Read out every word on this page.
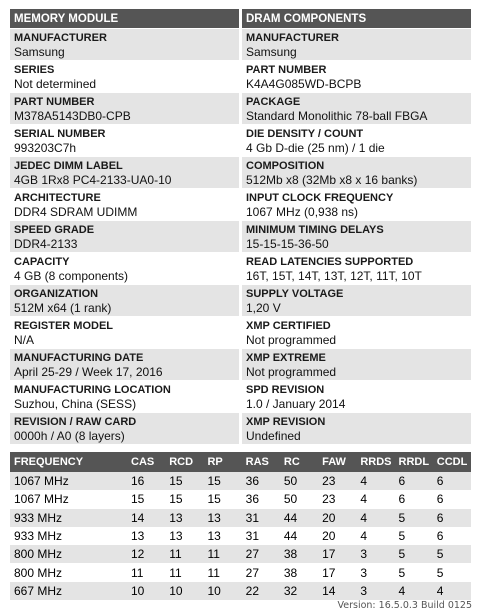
MEMORY MODULE
MANUFACTURER
Samsung
SERIES
Not determined
PART NUMBER
M378A5143DB0-CPB
SERIAL NUMBER
993203C7h
JEDEC DIMM LABEL
4GB 1Rx8 PC4-2133-UA0-10
ARCHITECTURE
DDR4 SDRAM UDIMM
SPEED GRADE
DDR4-2133
CAPACITY
4 GB (8 components)
ORGANIZATION
512M x64 (1 rank)
REGISTER MODEL
N/A
MANUFACTURING DATE
April 25-29 / Week 17, 2016
MANUFACTURING LOCATION
Suzhou, China (SESS)
REVISION / RAW CARD
0000h / A0 (8 layers)
DRAM COMPONENTS
MANUFACTURER
Samsung
PART NUMBER
K4A4G085WD-BCPB
PACKAGE
Standard Monolithic 78-ball FBGA
DIE DENSITY / COUNT
4 Gb D-die (25 nm) / 1 die
COMPOSITION
512Mb x8 (32Mb x8 x 16 banks)
INPUT CLOCK FREQUENCY
1067 MHz (0,938 ns)
MINIMUM TIMING DELAYS
15-15-15-36-50
READ LATENCIES SUPPORTED
16T, 15T, 14T, 13T, 12T, 11T, 10T
SUPPLY VOLTAGE
1,20 V
XMP CERTIFIED
Not programmed
XMP EXTREME
Not programmed
SPD REVISION
1.0 / January 2014
XMP REVISION
Undefined
FREQUENCY	CAS	RCD	RP	RAS	RC	FAW	RRDS	RRDL	CCDL
1067 MHz	16	15	15	36	50	23	4	6	6
1067 MHz	15	15	15	36	50	23	4	6	6
933 MHz	14	13	13	31	44	20	4	5	6
933 MHz	13	13	13	31	44	20	4	5	6
800 MHz	12	11	11	27	38	17	3	5	5
800 MHz	11	11	11	27	38	17	3	5	5
667 MHz	10	10	10	22	32	14	3	4	4
Version: 16.5.0.3 Build 0125
